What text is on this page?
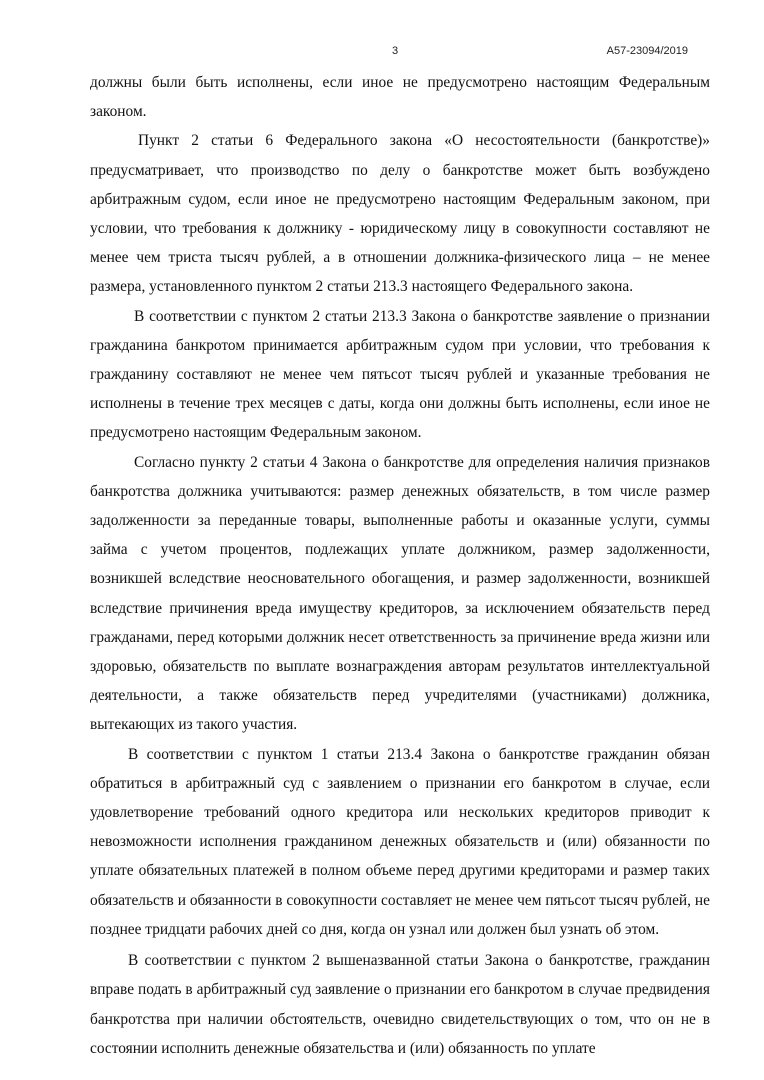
3	А57-23094/2019

должны были быть исполнены, если иное не предусмотрено настоящим Федеральным законом.

Пункт 2 статьи 6 Федерального закона «О несостоятельности (банкротстве)» предусматривает, что производство по делу о банкротстве может быть возбуждено арбитражным судом, если иное не предусмотрено настоящим Федеральным законом, при условии, что требования к должнику - юридическому лицу в совокупности составляют не менее чем триста тысяч рублей, а в отношении должника-физического лица – не менее размера, установленного пунктом 2 статьи 213.3 настоящего Федерального закона.

В соответствии с пунктом 2 статьи 213.3 Закона о банкротстве заявление о признании гражданина банкротом принимается арбитражным судом при условии, что требования к гражданину составляют не менее чем пятьсот тысяч рублей и указанные требования не исполнены в течение трех месяцев с даты, когда они должны быть исполнены, если иное не предусмотрено настоящим Федеральным законом.

Согласно пункту 2 статьи 4 Закона о банкротстве для определения наличия признаков банкротства должника учитываются: размер денежных обязательств, в том числе размер задолженности за переданные товары, выполненные работы и оказанные услуги, суммы займа с учетом процентов, подлежащих уплате должником, размер задолженности, возникшей вследствие неосновательного обогащения, и размер задолженности, возникшей вследствие причинения вреда имуществу кредиторов, за исключением обязательств перед гражданами, перед которыми должник несет ответственность за причинение вреда жизни или здоровью, обязательств по выплате вознаграждения авторам результатов интеллектуальной деятельности, а также обязательств перед учредителями (участниками) должника, вытекающих из такого участия.

В соответствии с пунктом 1 статьи 213.4 Закона о банкротстве гражданин обязан обратиться в арбитражный суд с заявлением о признании его банкротом в случае, если удовлетворение требований одного кредитора или нескольких кредиторов приводит к невозможности исполнения гражданином денежных обязательств и (или) обязанности по уплате обязательных платежей в полном объеме перед другими кредиторами и размер таких обязательств и обязанности в совокупности составляет не менее чем пятьсот тысяч рублей, не позднее тридцати рабочих дней со дня, когда он узнал или должен был узнать об этом.

В соответствии с пунктом 2 вышеназванной статьи Закона о банкротстве, гражданин вправе подать в арбитражный суд заявление о признании его банкротом в случае предвидения банкротства при наличии обстоятельств, очевидно свидетельствующих о том, что он не в состоянии исполнить денежные обязательства и (или) обязанность по уплате
